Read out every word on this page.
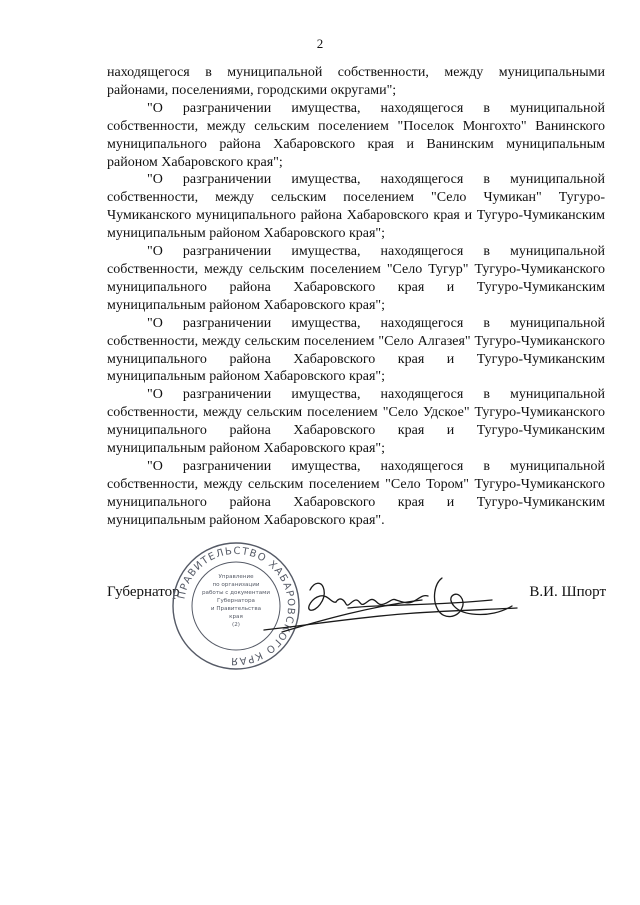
2

находящегося в муниципальной собственности, между муниципальными районами, поселениями, городскими округами";

"О разграничении имущества, находящегося в муниципальной собственности, между сельским поселением "Поселок Монгохто" Ванинского муниципального района Хабаровского края и Ванинским муниципальным районом Хабаровского края";

"О разграничении имущества, находящегося в муниципальной собственности, между сельским поселением "Село Чумикан" Тугуро-Чумиканского муниципального района Хабаровского края и Тугуро-Чумиканским муниципальным районом Хабаровского края";

"О разграничении имущества, находящегося в муниципальной собственности, между сельским поселением "Село Тугур" Тугуро-Чумиканского муниципального района Хабаровского края и Тугуро-Чумиканским муниципальным районом Хабаровского края";

"О разграничении имущества, находящегося в муниципальной собственности, между сельским поселением "Село Алгазея" Тугуро-Чумиканского муниципального района Хабаровского края и Тугуро-Чумиканским муниципальным районом Хабаровского края";

"О разграничении имущества, находящегося в муниципальной собственности, между сельским поселением "Село Удское" Тугуро-Чумиканского муниципального района Хабаровского края и Тугуро-Чумиканским муниципальным районом Хабаровского края";

"О разграничении имущества, находящегося в муниципальной собственности, между сельским поселением "Село Тором" Тугуро-Чумиканского муниципального района Хабаровского края и Тугуро-Чумиканским муниципальным районом Хабаровского края".

Губернатор
ПРАВИТЕЛЬСТВО ХАБАРОВСКОГО КРАЯ
Управление
по организации
работы с документами
Губернатора
и Правительства
края
(2)
В.И. Шпорт
